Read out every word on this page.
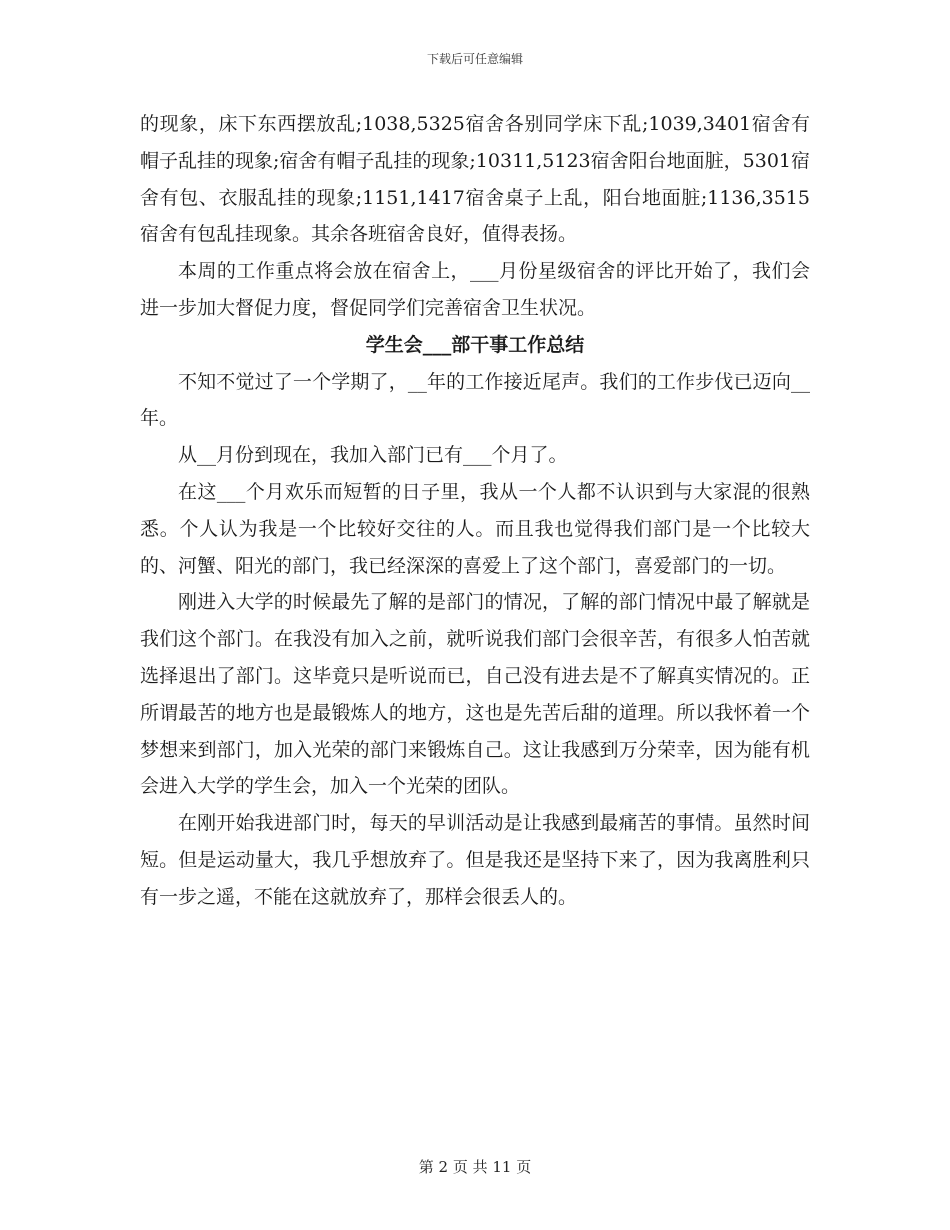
下载后可任意编辑

的现象，床下东西摆放乱;1038,5325宿舍各别同学床下乱;1039,3401宿舍有帽子乱挂的现象;宿舍有帽子乱挂的现象;10311,5123宿舍阳台地面脏，5301宿舍有包、衣服乱挂的现象;1151,1417宿舍桌子上乱，阳台地面脏;1136,3515宿舍有包乱挂现象。其余各班宿舍良好，值得表扬。

本周的工作重点将会放在宿舍上，___月份星级宿舍的评比开始了，我们会进一步加大督促力度，督促同学们完善宿舍卫生状况。

学生会___部干事工作总结

不知不觉过了一个学期了，__年的工作接近尾声。我们的工作步伐已迈向__年。

从__月份到现在，我加入部门已有___个月了。

在这___个月欢乐而短暂的日子里，我从一个人都不认识到与大家混的很熟悉。个人认为我是一个比较好交往的人。而且我也觉得我们部门是一个比较大的、河蟹、阳光的部门，我已经深深的喜爱上了这个部门，喜爱部门的一切。

刚进入大学的时候最先了解的是部门的情况，了解的部门情况中最了解就是我们这个部门。在我没有加入之前，就听说我们部门会很辛苦，有很多人怕苦就选择退出了部门。这毕竟只是听说而已，自己没有进去是不了解真实情况的。正所谓最苦的地方也是最锻炼人的地方，这也是先苦后甜的道理。所以我怀着一个梦想来到部门，加入光荣的部门来锻炼自己。这让我感到万分荣幸，因为能有机会进入大学的学生会，加入一个光荣的团队。

在刚开始我进部门时，每天的早训活动是让我感到最痛苦的事情。虽然时间短。但是运动量大，我几乎想放弃了。但是我还是坚持下来了，因为我离胜利只有一步之遥，不能在这就放弃了，那样会很丢人的。

第 2 页 共 11 页
